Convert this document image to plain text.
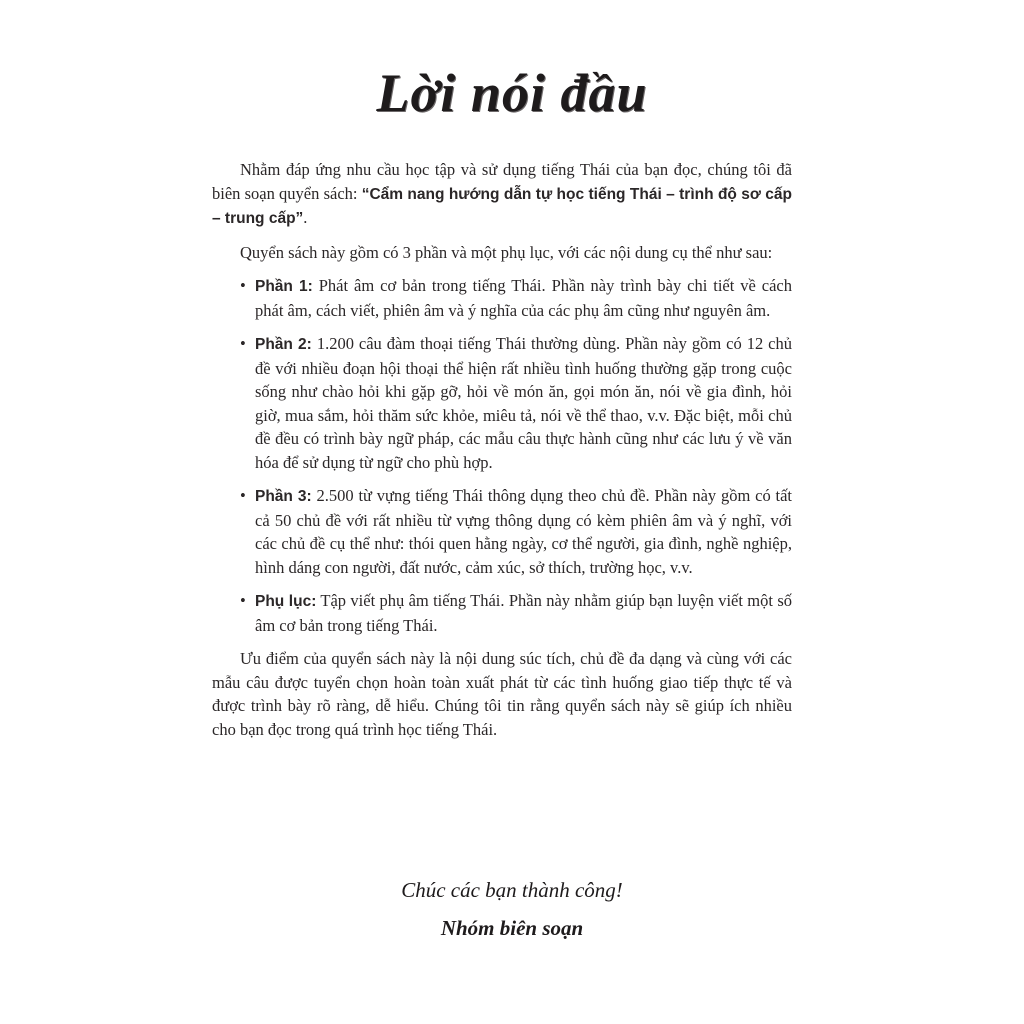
Lời nói đầu

Nhằm đáp ứng nhu cầu học tập và sử dụng tiếng Thái của bạn đọc, chúng tôi đã biên soạn quyển sách: “Cẩm nang hướng dẫn tự học tiếng Thái – trình độ sơ cấp – trung cấp”.

Quyển sách này gồm có 3 phần và một phụ lục, với các nội dung cụ thể như sau:

• Phần 1: Phát âm cơ bản trong tiếng Thái. Phần này trình bày chi tiết về cách phát âm, cách viết, phiên âm và ý nghĩa của các phụ âm cũng như nguyên âm.
• Phần 2: 1.200 câu đàm thoại tiếng Thái thường dùng. Phần này gồm có 12 chủ đề với nhiều đoạn hội thoại thể hiện rất nhiều tình huống thường gặp trong cuộc sống như chào hỏi khi gặp gỡ, hỏi về món ăn, gọi món ăn, nói về gia đình, hỏi giờ, mua sắm, hỏi thăm sức khỏe, miêu tả, nói về thể thao, v.v. Đặc biệt, mỗi chủ đề đều có trình bày ngữ pháp, các mẫu câu thực hành cũng như các lưu ý về văn hóa để sử dụng từ ngữ cho phù hợp.
• Phần 3: 2.500 từ vựng tiếng Thái thông dụng theo chủ đề. Phần này gồm có tất cả 50 chủ đề với rất nhiều từ vựng thông dụng có kèm phiên âm và ý nghĩ, với các chủ đề cụ thể như: thói quen hằng ngày, cơ thể người, gia đình, nghề nghiệp, hình dáng con người, đất nước, cảm xúc, sở thích, trường học, v.v.
• Phụ lục: Tập viết phụ âm tiếng Thái. Phần này nhằm giúp bạn luyện viết một số âm cơ bản trong tiếng Thái.

Ưu điểm của quyển sách này là nội dung súc tích, chủ đề đa dạng và cùng với các mẫu câu được tuyển chọn hoàn toàn xuất phát từ các tình huống giao tiếp thực tế và được trình bày rõ ràng, dễ hiểu. Chúng tôi tin rằng quyển sách này sẽ giúp ích nhiều cho bạn đọc trong quá trình học tiếng Thái.

Chúc các bạn thành công!
Nhóm biên soạn
